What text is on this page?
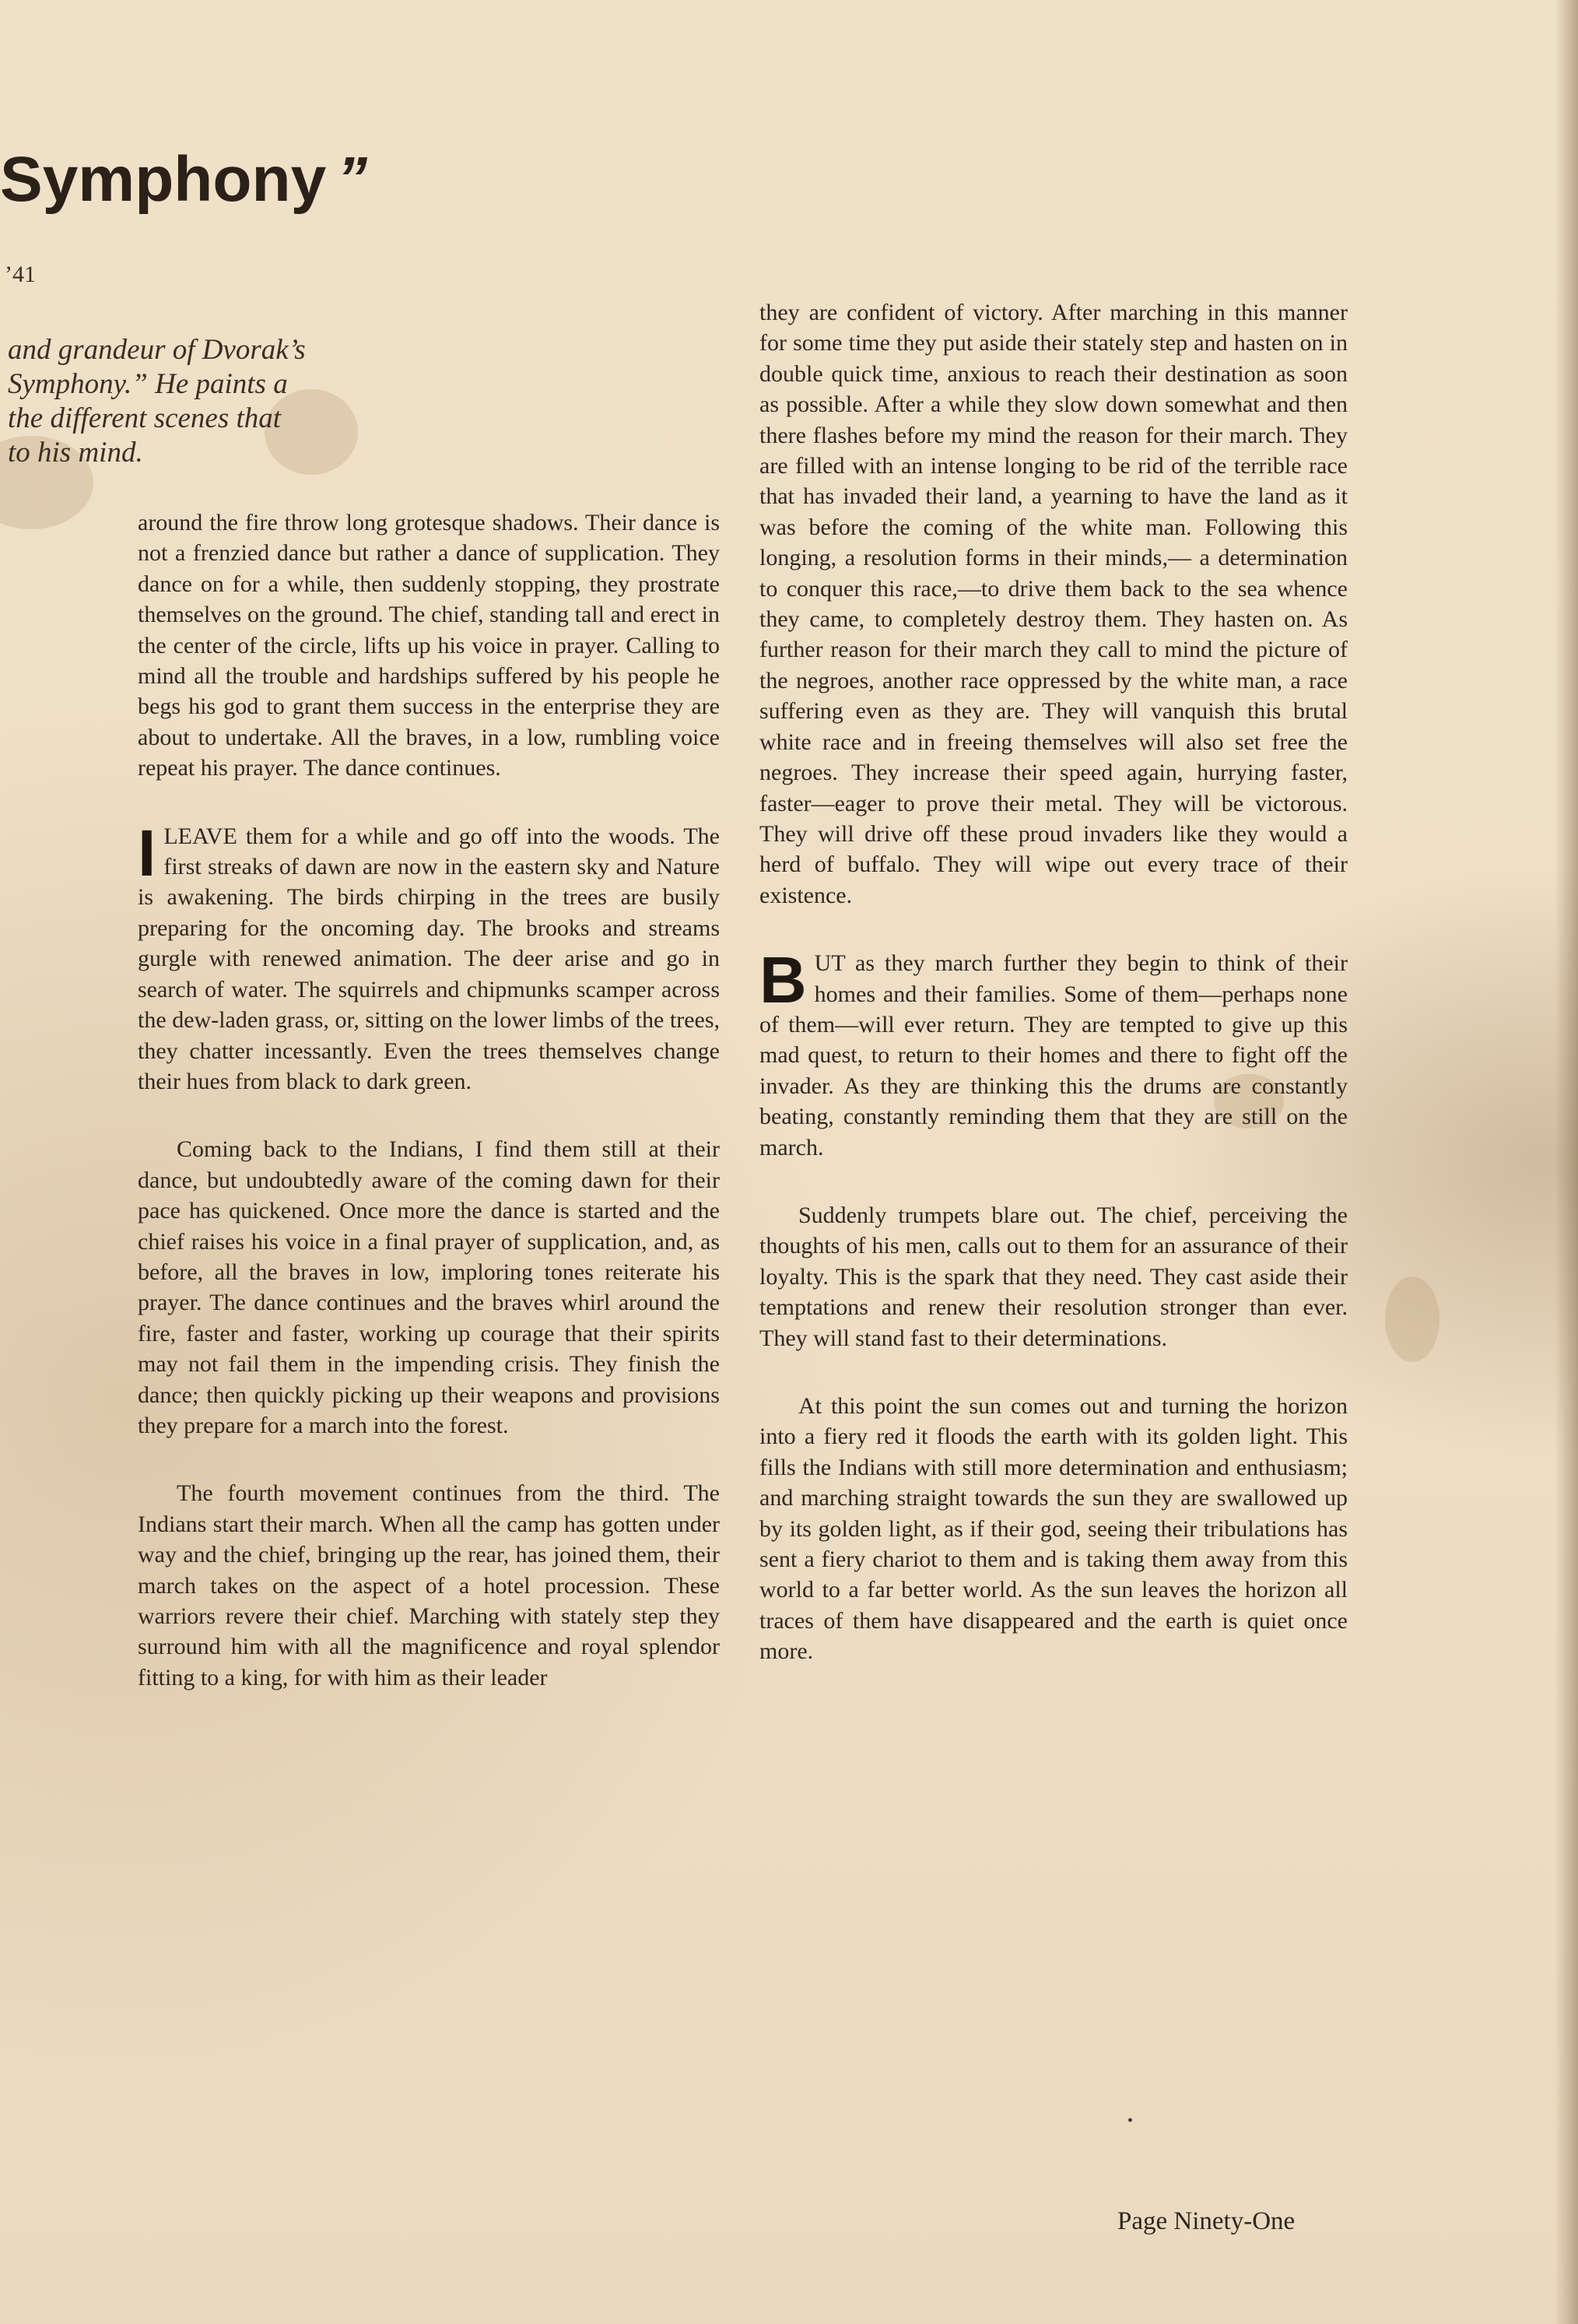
Symphony ”
’41

and grandeur of Dvorak’s

Symphony.” He paints a

the different scenes that

to his mind.

around the fire throw long grotesque shadows. Their dance is not a frenzied dance but rather a dance of supplication. They dance on for a while, then suddenly stopping, they prostrate themselves on the ground. The chief, standing tall and erect in the center of the circle, lifts up his voice in prayer. Calling to mind all the trouble and hardships suffered by his people he begs his god to grant them success in the enterprise they are about to undertake. All the braves, in a low, rumbling voice repeat his prayer. The dance continues.

ILEAVE them for a while and go off into the woods. The first streaks of dawn are now in the eastern sky and Nature is awakening. The birds chirping in the trees are busily preparing for the oncoming day. The brooks and streams gurgle with renewed animation. The deer arise and go in search of water. The squirrels and chipmunks scamper across the dew-laden grass, or, sitting on the lower limbs of the trees, they chatter incessantly. Even the trees themselves change their hues from black to dark green.

Coming back to the Indians, I find them still at their dance, but undoubtedly aware of the coming dawn for their pace has quickened. Once more the dance is started and the chief raises his voice in a final prayer of supplication, and, as before, all the braves in low, imploring tones reiterate his prayer. The dance continues and the braves whirl around the fire, faster and faster, working up courage that their spirits may not fail them in the impending crisis. They finish the dance; then quickly picking up their weapons and provisions they prepare for a march into the forest.

The fourth movement continues from the third. The Indians start their march. When all the camp has gotten under way and the chief, bringing up the rear, has joined them, their march takes on the aspect of a hotel procession. These warriors revere their chief. Marching with stately step they surround him with all the magnificence and royal splendor fitting to a king, for with him as their leader

they are confident of victory. After marching in this manner for some time they put aside their stately step and hasten on in double quick time, anxious to reach their destination as soon as possible. After a while they slow down somewhat and then there flashes before my mind the reason for their march. They are filled with an intense longing to be rid of the terrible race that has invaded their land, a yearning to have the land as it was before the coming of the white man. Following this longing, a resolution forms in their minds,— a determination to conquer this race,—to drive them back to the sea whence they came, to completely destroy them. They hasten on. As further reason for their march they call to mind the picture of the negroes, another race oppressed by the white man, a race suffering even as they are. They will vanquish this brutal white race and in freeing themselves will also set free the negroes. They increase their speed again, hurrying faster, faster—eager to prove their metal. They will be victorous. They will drive off these proud invaders like they would a herd of buffalo. They will wipe out every trace of their existence.

BUT as they march further they begin to think of their homes and their families. Some of them—perhaps none of them—will ever return. They are tempted to give up this mad quest, to return to their homes and there to fight off the invader. As they are thinking this the drums are constantly beating, constantly reminding them that they are still on the march.

Suddenly trumpets blare out. The chief, perceiving the thoughts of his men, calls out to them for an assurance of their loyalty. This is the spark that they need. They cast aside their temptations and renew their resolution stronger than ever. They will stand fast to their determinations.

At this point the sun comes out and turning the horizon into a fiery red it floods the earth with its golden light. This fills the Indians with still more determination and enthusiasm; and marching straight towards the sun they are swallowed up by its golden light, as if their god, seeing their tribulations has sent a fiery chariot to them and is taking them away from this world to a far better world. As the sun leaves the horizon all traces of them have disappeared and the earth is quiet once more.

•
Page Ninety-One
